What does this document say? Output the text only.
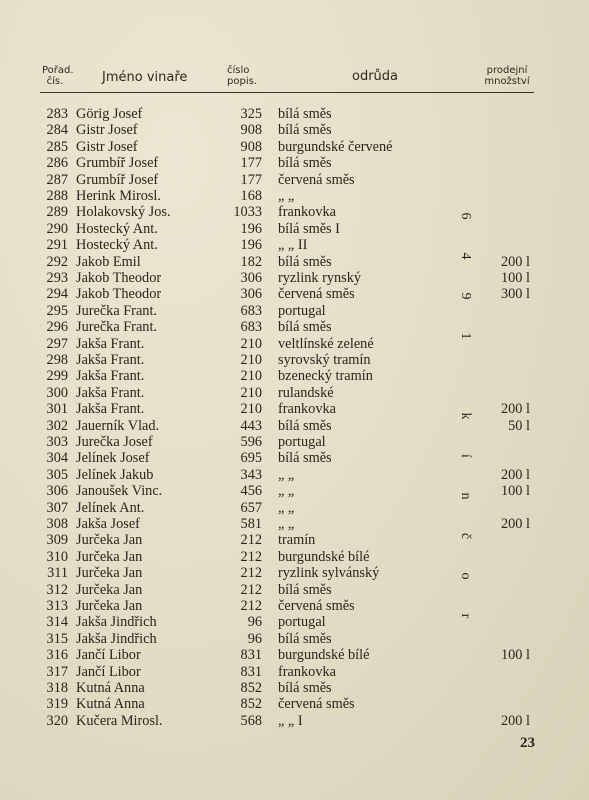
Pořad.
čís.	Jméno vinaře	číslo
popis.	odrůda	prodejní
množství
283 Görig Josef	325 bílá směs
284 Gistr Josef	908 bílá směs
285 Gistr Josef	908 burgundské červené
286 Grumbíř Josef	177 bílá směs
287 Grumbíř Josef	177 červená směs
288 Herink Mirosl.	168 „ „
289 Holakovský Jos.	1033 frankovka
290 Hostecký Ant.	196 bílá směs I
291 Hostecký Ant.	196 „ „ II
292 Jakob Emil	182 bílá směs	200 l
293 Jakob Theodor	306 ryzlink rynský	100 l
294 Jakob Theodor	306 červená směs	300 l
295 Jurečka Frant.	683 portugal
296 Jurečka Frant.	683 bílá směs
297 Jakša Frant.	210 veltlínské zelené
298 Jakša Frant.	210 syrovský tramín
299 Jakša Frant.	210 bzenecký tramín
300 Jakša Frant.	210 rulandské
301 Jakša Frant.	210 frankovka	200 l
302 Jauerník Vlad.	443 bílá směs	50 l
303 Jurečka Josef	596 portugal
304 Jelínek Josef	695 bílá směs
305 Jelínek Jakub	343 „ „	200 l
306 Janoušek Vinc.	456 „ „	100 l
307 Jelínek Ant.	657 „ „
308 Jakša Josef	581 „ „	200 l
309 Jurčeka Jan	212 tramín
310 Jurčeka Jan	212 burgundské bílé
311 Jurčeka Jan	212 ryzlink sylvánský
312 Jurčeka Jan	212 bílá směs
313 Jurčeka Jan	212 červená směs
314 Jakša Jindřich	96 portugal
315 Jakša Jindřich	96 bílá směs
316 Jančí Libor	831 burgundské bílé	100 l
317 Jančí Libor	831 frankovka
318 Kutná Anna	852 bílá směs
319 Kutná Anna	852 červená směs
320 Kučera Mirosl.	568 „ „ I	200 l
r
o
č
n
í
k
1
9
4
6
23
